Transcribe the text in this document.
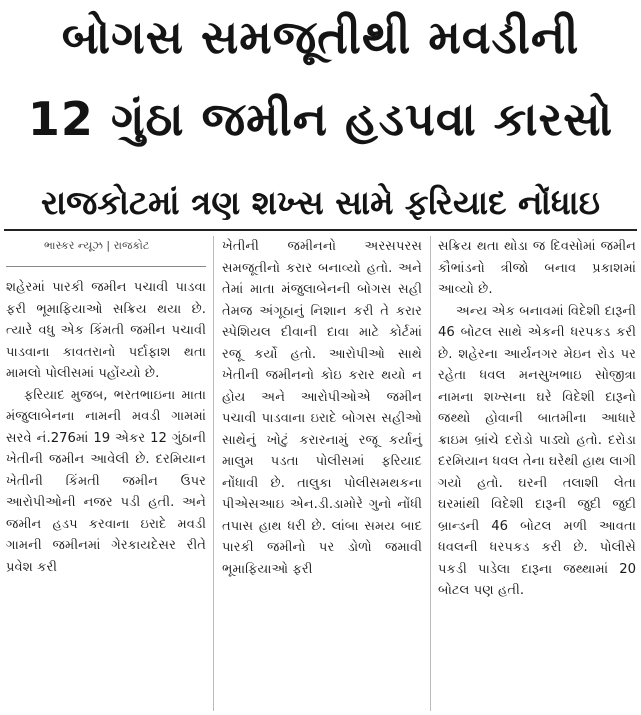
બોગસ સમજૂતીથી મવડીની
12 ગુંઠા જમીન હડપવા કારસો
રાજકોટમાં ત્રણ શખ્સ સામે ફરિયાદ નોંધાઇ
ભાસ્કર ન્યૂઝ | રાજકોટ

શહેરમાં પારકી જમીન પચાવી પાડવા ફરી ભૂમાફિયાઓ સક્રિય થયા છે. ત્યારે વધુ એક કિંમતી જમીન પચાવી પાડવાના કાવતરાનો પર્દાફાશ થતા મામલો પોલીસમાં પહોંચ્યો છે.

ફરિયાદ મુજબ, ભરતભાઇના માતા મંજુલાબેનના નામની મવડી ગામમાં સરવે નં.276માં 19 એકર 12 ગુંઠાની ખેતીની જમીન આવેલી છે. દરમિયાન ખેતીની કિંમતી જમીન ઉપર આરોપીઓની નજર પડી હતી. અને જમીન હડપ કરવાના ઇરાદે મવડી ગામની જમીનમાં ગેરકાયદેસર રીતે પ્રવેશ કરી

ખેતીની જમીનનો અરસપરસ સમજૂતીનો કરાર બનાવ્યો હતો. અને તેમાં માતા મંજુલાબેનની બોગસ સહી તેમજ અંગૂઠાનું નિશાન કરી તે કરાર સ્પેશિયલ દીવાની દાવા માટે કોર્ટમાં રજૂ કર્યો હતો. આરોપીઓ સાથે ખેતીની જમીનનો કોઇ કરાર થયો ન હોય અને આરોપીઓએ જમીન પચાવી પાડવાના ઇરાદે બોગસ સહીઓ સાથેનું ખોટું કરારનામું રજૂ કર્યાનું માલુમ પડતા પોલીસમાં ફરિયાદ નોંધાવી છે. તાલુકા પોલીસમથકના પીએસઆઇ એન.ડી.ડામોરે ગુનો નોંધી તપાસ હાથ ધરી છે. લાંબા સમય બાદ પારકી જમીનો પર ડોળો જમાવી ભૂમાફિયાઓ ફરી

સક્રિય થતા થોડા જ દિવસોમાં જમીન કૌભાંડનો ત્રીજો બનાવ પ્રકાશમાં આવ્યો છે.

અન્ય એક બનાવમાં વિદેશી દારૂની 46 બોટલ સાથે એકની ધરપકડ કરી છે. શહેરના આર્યનગર મેઇન રોડ પર રહેતા ધવલ મનસુખભાઇ સોજીત્રા નામના શખ્સના ઘરે વિદેશી દારૂનો જથ્થો હોવાની બાતમીના આધારે ક્રાઇમ બ્રાંચે દરોડો પાડ્યો હતો. દરોડા દરમિયાન ધવલ તેના ઘરેથી હાથ લાગી ગયો હતો. ઘરની તલાશી લેતા ઘરમાંથી વિદેશી દારૂની જુદી જુદી બ્રાન્ડની 46 બોટલ મળી આવતા ધવલની ધરપકડ કરી છે. પોલીસે પકડી પાડેલા દારૂના જથ્થામાં 20 બોટલ પણ હતી.
